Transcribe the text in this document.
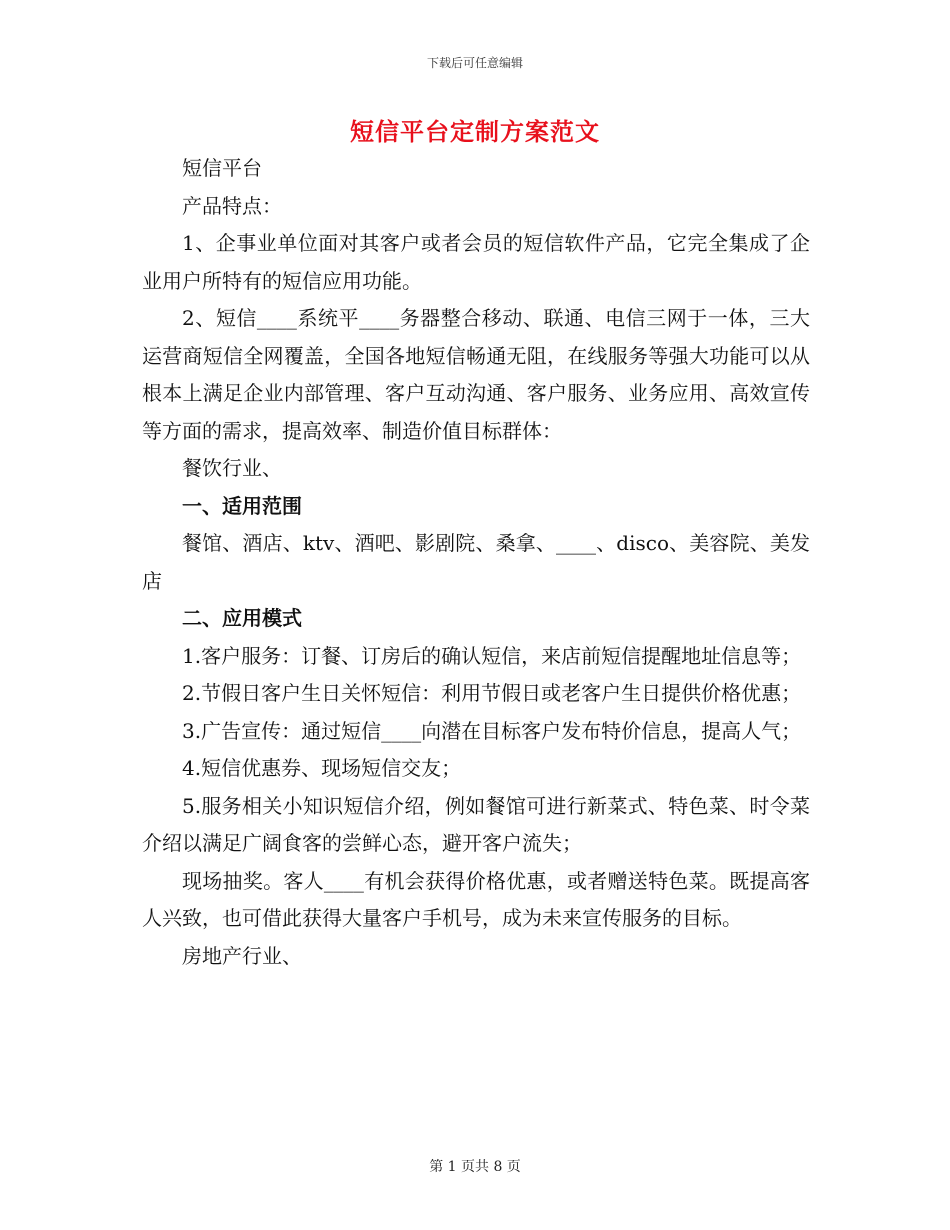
下载后可任意编辑
短信平台定制方案范文

短信平台

产品特点：

1、企事业单位面对其客户或者会员的短信软件产品，它完全集成了企业用户所特有的短信应用功能。

2、短信____系统平____务器整合移动、联通、电信三网于一体，三大运营商短信全网覆盖，全国各地短信畅通无阻，在线服务等强大功能可以从根本上满足企业内部管理、客户互动沟通、客户服务、业务应用、高效宣传等方面的需求，提高效率、制造价值目标群体：

餐饮行业、

一、适用范围

餐馆、酒店、ktv、酒吧、影剧院、桑拿、____、disco、美容院、美发店

二、应用模式

1.客户服务：订餐、订房后的确认短信，来店前短信提醒地址信息等；

2.节假日客户生日关怀短信：利用节假日或老客户生日提供价格优惠；

3.广告宣传：通过短信____向潜在目标客户发布特价信息，提高人气；

4.短信优惠券、现场短信交友；

5.服务相关小知识短信介绍，例如餐馆可进行新菜式、特色菜、时令菜介绍以满足广阔食客的尝鲜心态，避开客户流失；

现场抽奖。客人____有机会获得价格优惠，或者赠送特色菜。既提高客人兴致，也可借此获得大量客户手机号，成为未来宣传服务的目标。

房地产行业、

第 1 页共 8 页
